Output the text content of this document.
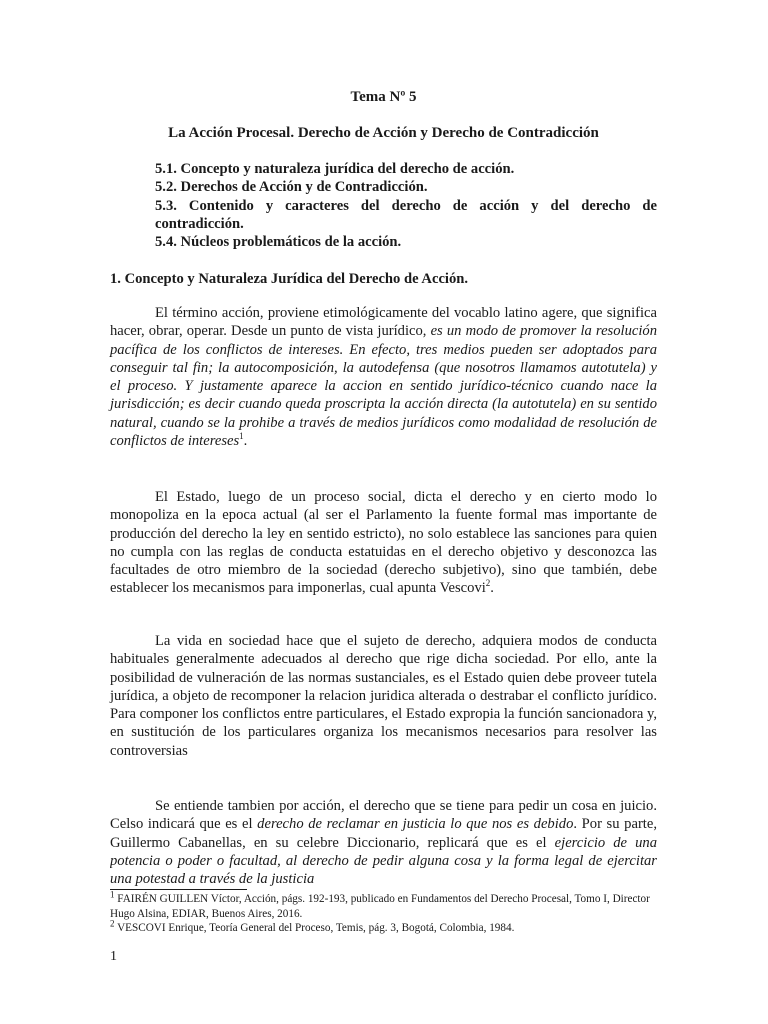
Tema Nº 5
La Acción Procesal. Derecho de Acción y Derecho de Contradicción
5.1. Concepto y naturaleza jurídica del derecho de acción.
5.2. Derechos de Acción y de Contradicción.
5.3. Contenido y caracteres del derecho de acción y del derecho de contradicción.
5.4. Núcleos problemáticos de la acción.
1. Concepto y Naturaleza Jurídica del Derecho de Acción.

El término acción, proviene etimológicamente del vocablo latino agere, que significa hacer, obrar, operar. Desde un punto de vista jurídico, es un modo de promover la resolución pacífica de los conflictos de intereses. En efecto, tres medios pueden ser adoptados para conseguir tal fin; la autocomposición, la autodefensa (que nosotros llamamos autotutela) y el proceso. Y justamente aparece la accion en sentido jurídico-técnico cuando nace la jurisdicción; es decir cuando queda proscripta la acción directa (la autotutela) en su sentido natural, cuando se la prohibe a través de medios jurídicos como modalidad de resolución de conflictos de intereses$^1$.

El Estado, luego de un proceso social, dicta el derecho y en cierto modo lo monopoliza en la epoca actual (al ser el Parlamento la fuente formal mas importante de producción del derecho la ley en sentido estricto), no solo establece las sanciones para quien no cumpla con las reglas de conducta estatuidas en el derecho objetivo y desconozca las facultades de otro miembro de la sociedad (derecho subjetivo), sino que también, debe establecer los mecanismos para imponerlas, cual apunta Vescovi$^2$.

La vida en sociedad hace que el sujeto de derecho, adquiera modos de conducta habituales generalmente adecuados al derecho que rige dicha sociedad. Por ello, ante la posibilidad de vulneración de las normas sustanciales, es el Estado quien debe proveer tutela jurídica, a objeto de recomponer la relacion juridica alterada o destrabar el conflicto jurídico. Para componer los conflictos entre particulares, el Estado expropia la función sancionadora y, en sustitución de los particulares organiza los mecanismos necesarios para resolver las controversias

Se entiende tambien por acción, el derecho que se tiene para pedir un cosa en juicio. Celso indicará que es el derecho de reclamar en justicia lo que nos es debido. Por su parte, Guillermo Cabanellas, en su celebre Diccionario, replicará que es el ejercicio de una potencia o poder o facultad, al derecho de pedir alguna cosa y la forma legal de ejercitar una potestad a través de la justicia

$^1$ FAIRÉN GUILLEN Víctor, Acción, págs. 192-193, publicado en Fundamentos del Derecho Procesal, Tomo I, Director Hugo Alsina, EDIAR, Buenos Aires, 2016.
$^2$ VESCOVI Enrique, Teoría General del Proceso, Temis, pág. 3, Bogotá, Colombia, 1984.
1
